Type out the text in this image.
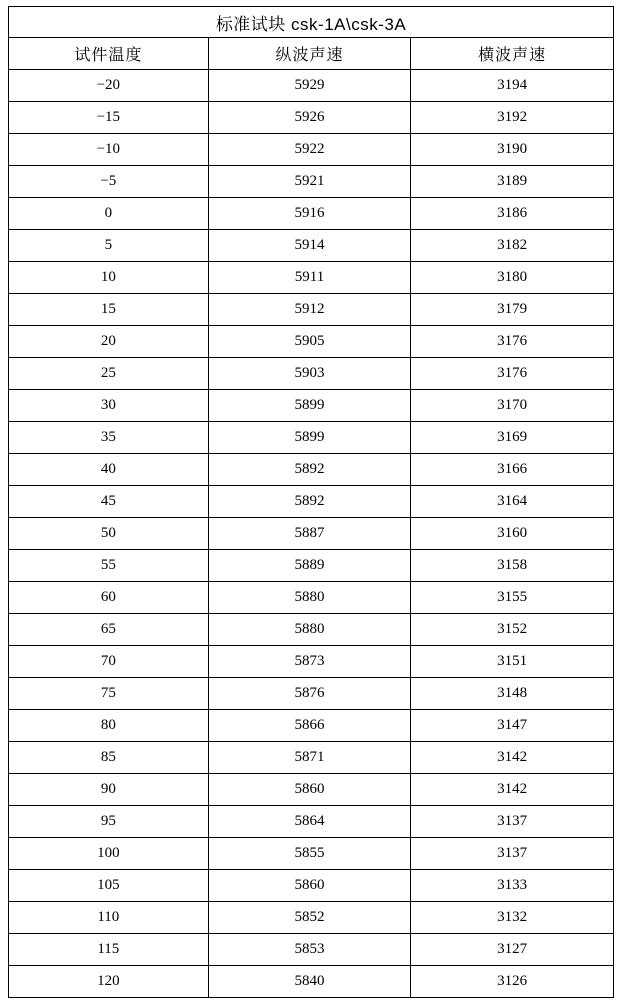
标准试块 csk-1A\csk-3A		
试件温度	纵波声速	横波声速
−20	5929	3194
−15	5926	3192
−10	5922	3190
−5	5921	3189
0	5916	3186
5	5914	3182
10	5911	3180
15	5912	3179
20	5905	3176
25	5903	3176
30	5899	3170
35	5899	3169
40	5892	3166
45	5892	3164
50	5887	3160
55	5889	3158
60	5880	3155
65	5880	3152
70	5873	3151
75	5876	3148
80	5866	3147
85	5871	3142
90	5860	3142
95	5864	3137
100	5855	3137
105	5860	3133
110	5852	3132
115	5853	3127
120	5840	3126
